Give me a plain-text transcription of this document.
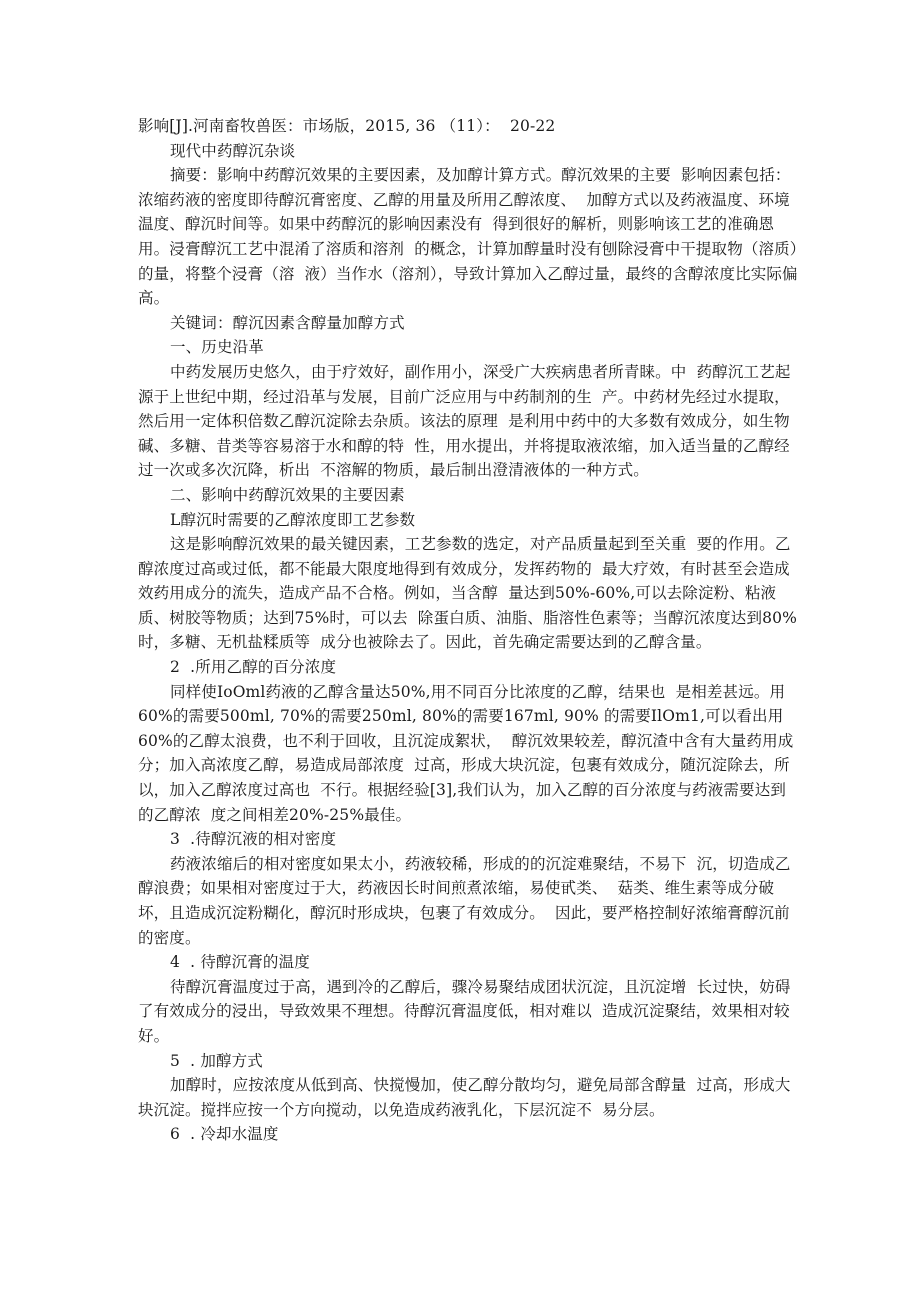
影响[J].河南畜牧兽医：市场版，2015, 36 （11）：  20-22

现代中药醇沉杂谈

摘要：影响中药醇沉效果的主要因素，及加醇计算方式。醇沉效果的主要  影响因素包括：浓缩药液的密度即待醇沉膏密度、乙醇的用量及所用乙醇浓度、  加醇方式以及药液温度、环境温度、醇沉时间等。如果中药醇沉的影响因素没有  得到很好的解析，则影响该工艺的准确恩用。浸膏醇沉工艺中混淆了溶质和溶剂  的概念，计算加醇量时没有刨除浸膏中干提取物（溶质）的量，将整个浸膏（溶  液）当作水（溶剂），导致计算加入乙醇过量，最终的含醇浓度比实际偏高。

关键词：醇沉因素含醇量加醇方式

一、历史沿革

中药发展历史悠久，由于疗效好，副作用小，深受广大疾病患者所青睐。中  药醇沉工艺起源于上世纪中期，经过沿革与发展，目前广泛应用与中药制剂的生  产。中药材先经过水提取，然后用一定体积倍数乙醇沉淀除去杂质。该法的原理  是利用中药中的大多数有效成分，如生物碱、多糖、昔类等容易溶于水和醇的特  性，用水提出，并将提取液浓缩，加入适当量的乙醇经过一次或多次沉降，析出  不溶解的物质，最后制出澄清液体的一种方式。

二、影响中药醇沉效果的主要因素

L醇沉时需要的乙醇浓度即工艺参数

这是影响醇沉效果的最关键因素，工艺参数的选定，对产品质量起到至关重  要的作用。乙醇浓度过高或过低，都不能最大限度地得到有效成分，发挥药物的  最大疗效，有时甚至会造成效药用成分的流失，造成产品不合格。例如，当含醇  量达到50%-60%,可以去除淀粉、粘液质、树胶等物质；达到75%时，可以去  除蛋白质、油脂、脂溶性色素等；当醇沉浓度达到80%时，多糖、无机盐糅质等  成分也被除去了。因此，首先确定需要达到的乙醇含量。

2  .所用乙醇的百分浓度

同样使IoOml药液的乙醇含量达50%,用不同百分比浓度的乙醇，结果也  是相差甚远。用60%的需要500ml, 70%的需要250ml, 80%的需要167ml, 90% 的需要IlOm1,可以看出用60%的乙醇太浪费，也不利于回收，且沉淀成絮状，  醇沉效果较差，醇沉渣中含有大量药用成分；加入高浓度乙醇，易造成局部浓度  过高，形成大块沉淀，包裹有效成分，随沉淀除去，所以，加入乙醇浓度过高也  不行。根据经验[3],我们认为，加入乙醇的百分浓度与药液需要达到的乙醇浓  度之间相差20%-25%最佳。

3  .待醇沉液的相对密度

药液浓缩后的相对密度如果太小，药液较稀，形成的的沉淀难聚结，不易下  沉，切造成乙醇浪费；如果相对密度过于大，药液因长时间煎煮浓缩，易使甙类、  菇类、维生素等成分破坏，且造成沉淀粉糊化，醇沉时形成块，包裹了有效成分。  因此，要严格控制好浓缩膏醇沉前的密度。

4  . 待醇沉膏的温度

待醇沉膏温度过于高，遇到冷的乙醇后，骤冷易聚结成团状沉淀，且沉淀增  长过快，妨碍了有效成分的浸出，导致效果不理想。待醇沉膏温度低，相对难以  造成沉淀聚结，效果相对较好。

5  . 加醇方式

加醇时，应按浓度从低到高、快搅慢加，使乙醇分散均匀，避免局部含醇量  过高，形成大块沉淀。搅拌应按一个方向搅动，以免造成药液乳化，下层沉淀不  易分层。

6  . 冷却水温度
